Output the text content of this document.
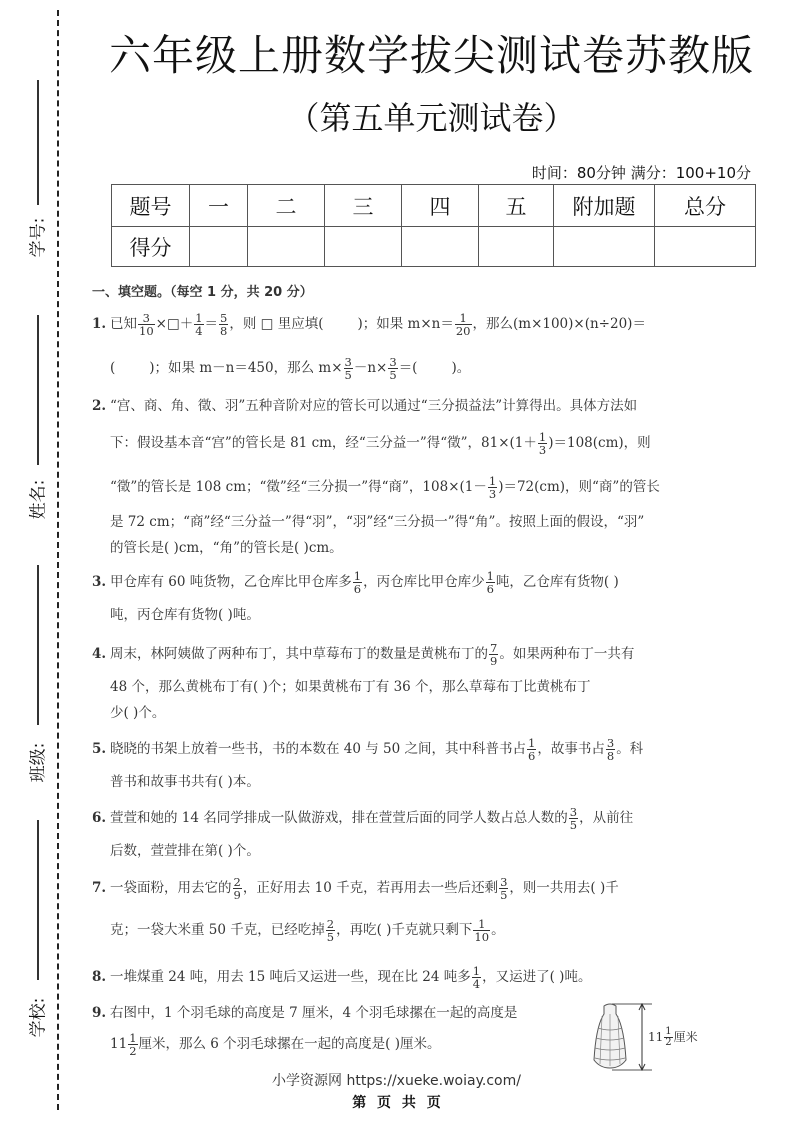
学号:
姓名:
班级:
学校:
六年级上册数学拔尖测试卷苏教版
（第五单元测试卷）
时间：80分钟 满分：100+10分
题号	一	二	三	四	五	附加题	总分
得分							
一、填空题。（每空 1 分，共 20 分）
1. 已知 $\frac{3}{10}$ ×□＋ $\frac{1}{4} = \frac{5}{8}$ ，则 □ 里应填(	)；如果 $m\times n= \frac{1}{20}$ ，那么(m×100)×(n÷20)＝
(	)；如果 m－n＝450，那么 $m\times \frac{3}{5} -n\times \frac{3}{5}$ ＝(	)。
2. “宫、商、角、徵、羽”五种音阶对应的管长可以通过“三分损益法”计算得出。具体方法如
下：假设基本音“宫”的管长是 81 cm，经“三分益一”得“徵”，$81\times(1+ \frac{1}{3} )=108(cm)$，则
“徵”的管长是 108 cm；“徵”经“三分损一”得“商”，$108\times(1- \frac{1}{3} )=72(cm)$，则“商”的管长
是 72 cm；“商”经“三分益一”得“羽”，“羽”经“三分损一”得“角”。按照上面的假设，“羽”
的管长是( )cm，“角”的管长是( )cm。
3. 甲仓库有 60 吨货物，乙仓库比甲仓库多 $\frac{1}{6}$ ，丙仓库比甲仓库少 $\frac{1}{6}$ 吨，乙仓库有货物( )
吨，丙仓库有货物( )吨。
4. 周末，林阿姨做了两种布丁，其中草莓布丁的数量是黄桃布丁的 $\frac{7}{9}$ 。如果两种布丁一共有
48 个，那么黄桃布丁有( )个；如果黄桃布丁有 36 个，那么草莓布丁比黄桃布丁
少( )个。
5. 晓晓的书架上放着一些书，书的本数在 40 与 50 之间，其中科普书占 $\frac{1}{6}$ ，故事书占 $\frac{3}{8}$ 。科
普书和故事书共有( )本。
6. 萱萱和她的 14 名同学排成一队做游戏，排在萱萱后面的同学人数占总人数的 $\frac{3}{5}$ ，从前往
后数，萱萱排在第( )个。
7. 一袋面粉，用去它的 $\frac{2}{9}$ ，正好用去 10 千克，若再用去一些后还剩 $\frac{3}{5}$ ，则一共用去( )千
克；一袋大米重 50 千克，已经吃掉 $\frac{2}{5}$ ，再吃( )千克就只剩下 $\frac{1}{10}$ 。
8. 一堆煤重 24 吨，用去 15 吨后又运进一些，现在比 24 吨多 $\frac{1}{4}$ ，又运进了( )吨。
9. 右图中，1 个羽毛球的高度是 7 厘米，4 个羽毛球摞在一起的高度是
$11 \frac{1}{2}$ 厘米，那么 6 个羽毛球摞在一起的高度是( )厘米。	$11 \frac{1}{2}$ 厘米
小学资源网 https://xueke.woiay.com/
第 页 共 页
